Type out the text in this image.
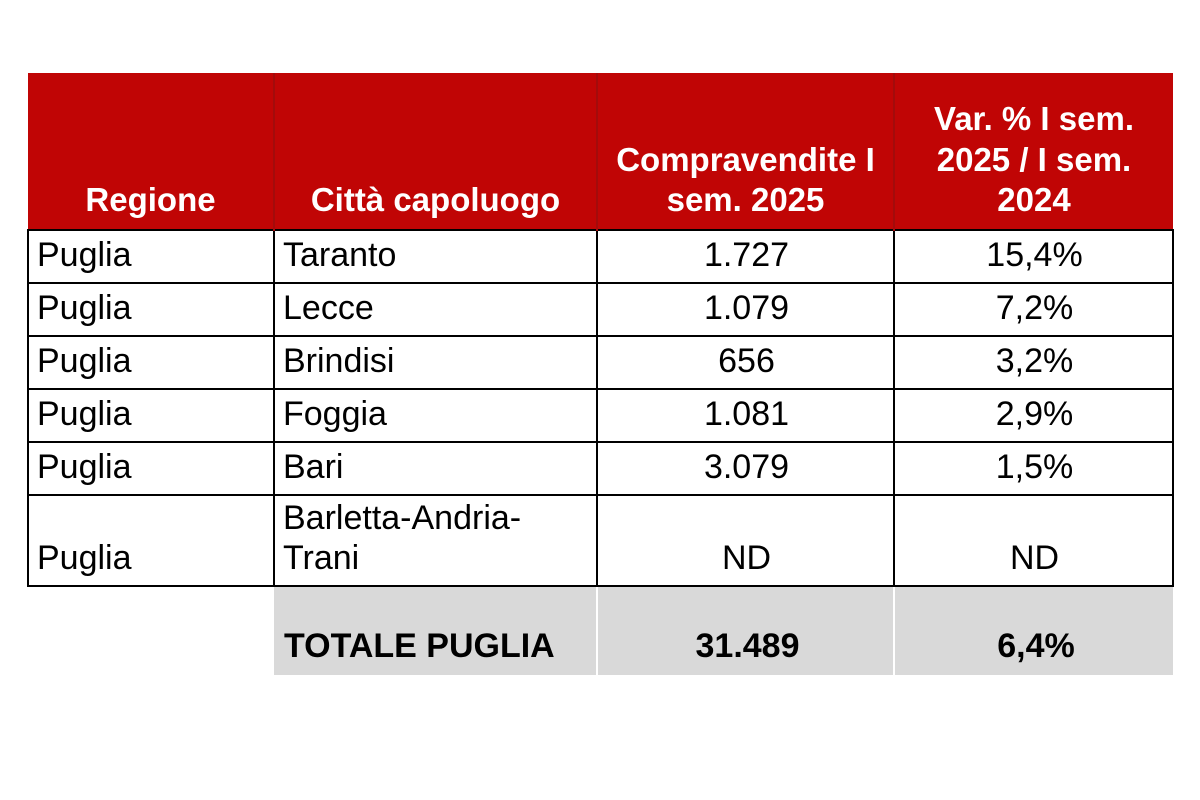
Regione	Città capoluogo	Compravendite I sem. 2025	Var. % I sem. 2025 / I sem. 2024
Puglia	Taranto	1.727	15,4%
Puglia	Lecce	1.079	7,2%
Puglia	Brindisi	656	3,2%
Puglia	Foggia	1.081	2,9%
Puglia	Bari	3.079	1,5%
Puglia	Barletta-Andria-Trani	ND	ND
	TOTALE PUGLIA	31.489	6,4%
